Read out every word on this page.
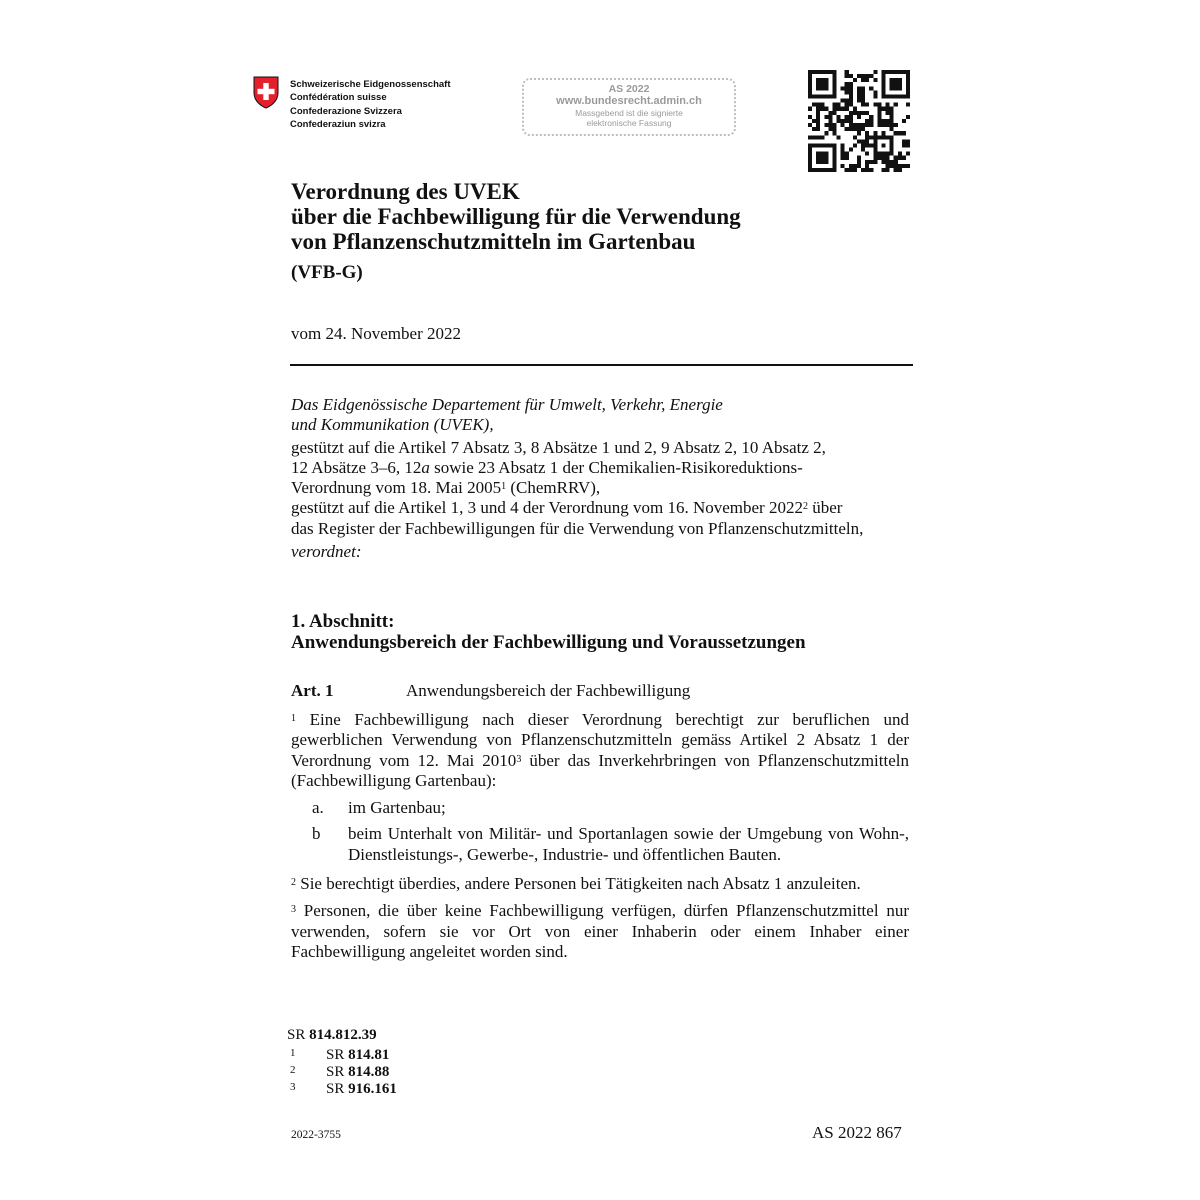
Schweizerische Eidgenossenschaft
Confédération suisse
Confederazione Svizzera
Confederaziun svizra
AS 2022
www.bundesrecht.admin.ch
Massgebend ist die signierte
elektronische Fassung
Verordnung des UVEK
über die Fachbewilligung für die Verwendung
von Pflanzenschutzmitteln im Gartenbau
(VFB-G)
vom 24. November 2022

Das Eidgenössische Departement für Umwelt, Verkehr, Energie

und Kommunikation (UVEK),

gestützt auf die Artikel 7 Absatz 3, 8 Absätze 1 und 2, 9 Absatz 2, 10 Absatz 2,
12 Absätze 3–6, 12a sowie 23 Absatz 1 der Chemikalien-Risikoreduktions-
Verordnung vom 18. Mai 2005$^1$ (ChemRRV),

gestützt auf die Artikel 1, 3 und 4 der Verordnung vom 16. November 2022$^2$ über
das Register der Fachbewilligungen für die Verwendung von Pflanzenschutzmitteln,

verordnet:

1. Abschnitt:
Anwendungsbereich der Fachbewilligung und Voraussetzungen
Art. 1	Anwendungsbereich der Fachbewilligung

$^1$ Eine Fachbewilligung nach dieser Verordnung berechtigt zur beruflichen und gewerblichen Verwendung von Pflanzenschutzmitteln gemäss Artikel 2 Absatz 1 der Verordnung vom 12. Mai 2010$^3$ über das Inverkehrbringen von Pflanzenschutzmitteln (Fachbewilligung Gartenbau):

a.	im Gartenbau;
b	beim Unterhalt von Militär- und Sportanlagen sowie der Umgebung von Wohn-, Dienstleistungs-, Gewerbe-, Industrie- und öffentlichen Bauten.

$^2$ Sie berechtigt überdies, andere Personen bei Tätigkeiten nach Absatz 1 anzuleiten.

$^3$ Personen, die über keine Fachbewilligung verfügen, dürfen Pflanzenschutzmittel nur verwenden, sofern sie vor Ort von einer Inhaberin oder einem Inhaber einer Fachbewilligung angeleitet worden sind.

SR 814.812.39
1 SR 814.81
2 SR 814.88
3 SR 916.161
2022-3755	AS 2022 867
